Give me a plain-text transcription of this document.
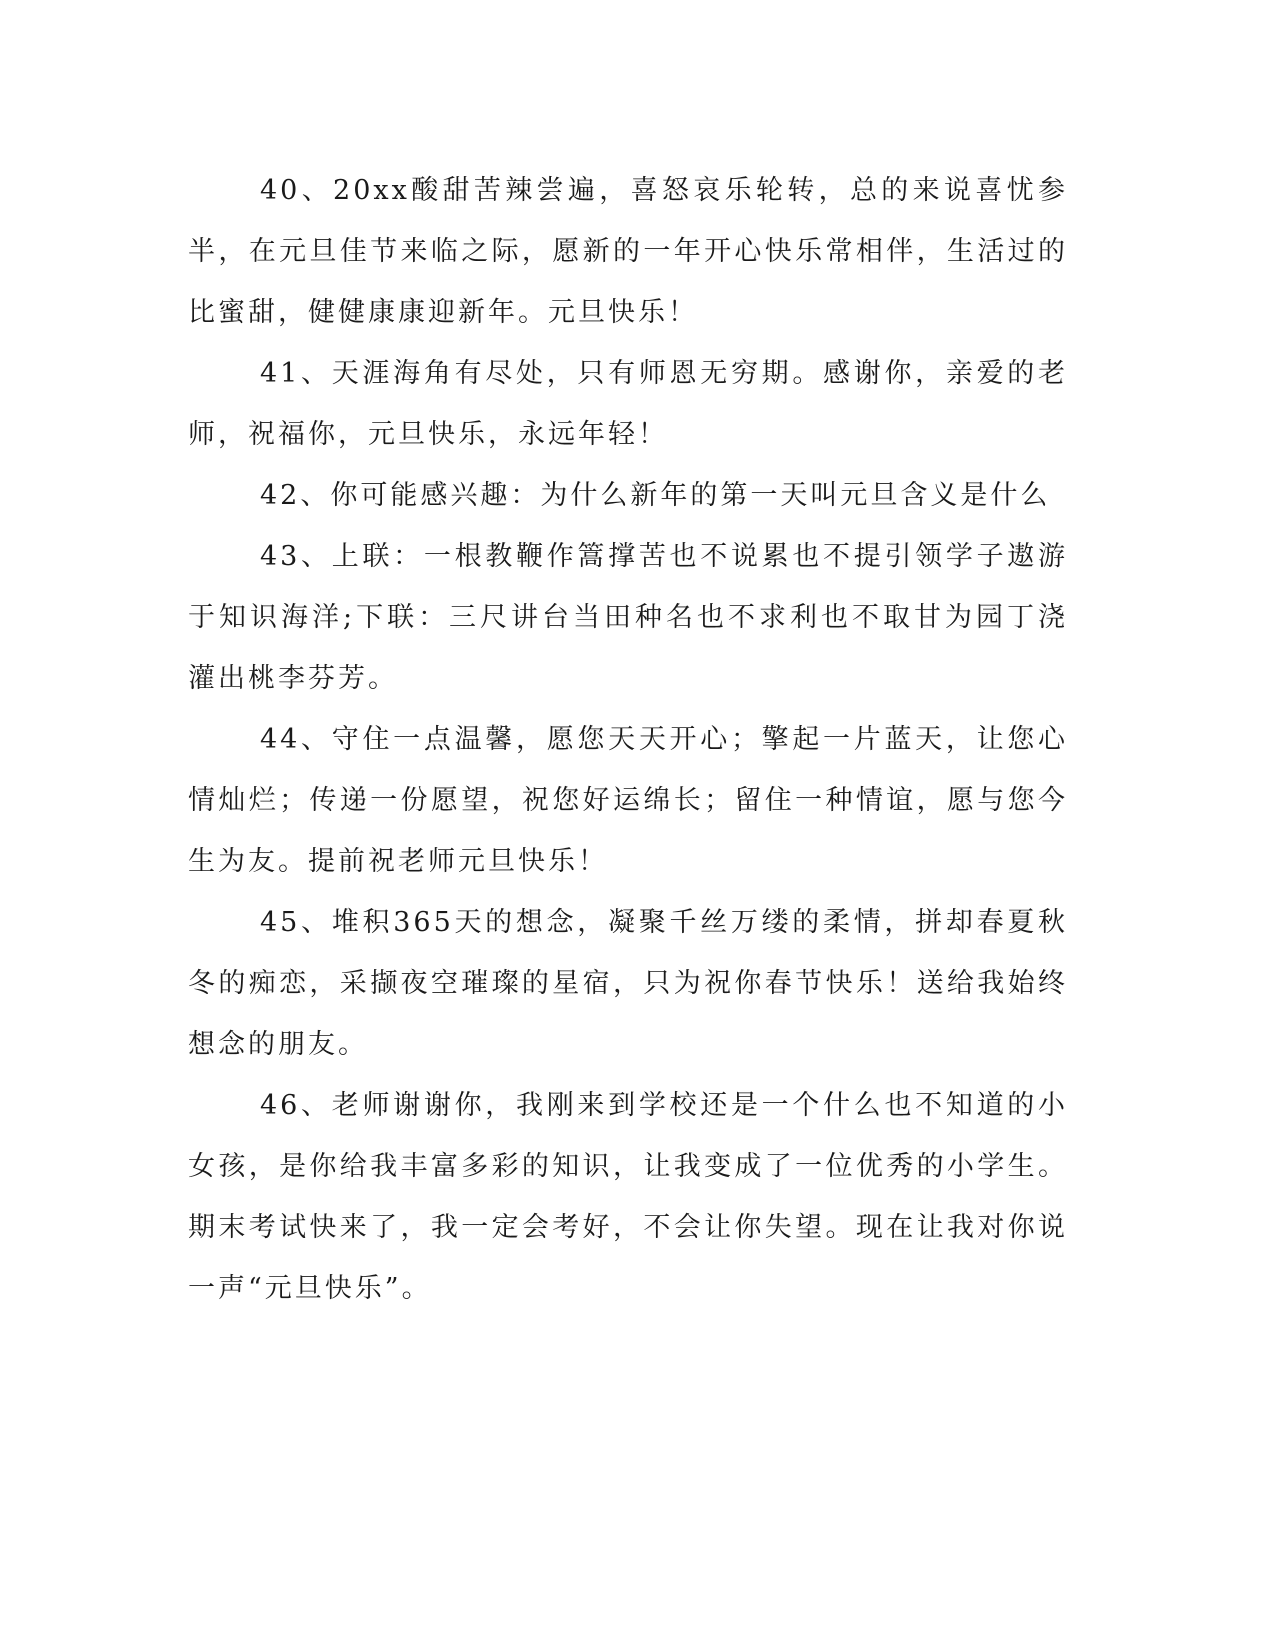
40、20xx酸甜苦辣尝遍，喜怒哀乐轮转，总的来说喜忧参半，在元旦佳节来临之际，愿新的一年开心快乐常相伴，生活过的比蜜甜，健健康康迎新年。元旦快乐！

41、天涯海角有尽处，只有师恩无穷期。感谢你，亲爱的老师，祝福你，元旦快乐，永远年轻！

42、你可能感兴趣：为什么新年的第一天叫元旦含义是什么

43、上联：一根教鞭作篙撑苦也不说累也不提引领学子遨游于知识海洋;下联：三尺讲台当田种名也不求利也不取甘为园丁浇灌出桃李芬芳。

44、守住一点温馨，愿您天天开心；擎起一片蓝天，让您心情灿烂；传递一份愿望，祝您好运绵长；留住一种情谊，愿与您今生为友。提前祝老师元旦快乐！

45、堆积365天的想念，凝聚千丝万缕的柔情，拼却春夏秋冬的痴恋，采撷夜空璀璨的星宿，只为祝你春节快乐！送给我始终想念的朋友。

46、老师谢谢你，我刚来到学校还是一个什么也不知道的小女孩，是你给我丰富多彩的知识，让我变成了一位优秀的小学生。期末考试快来了，我一定会考好，不会让你失望。现在让我对你说一声“元旦快乐”。
